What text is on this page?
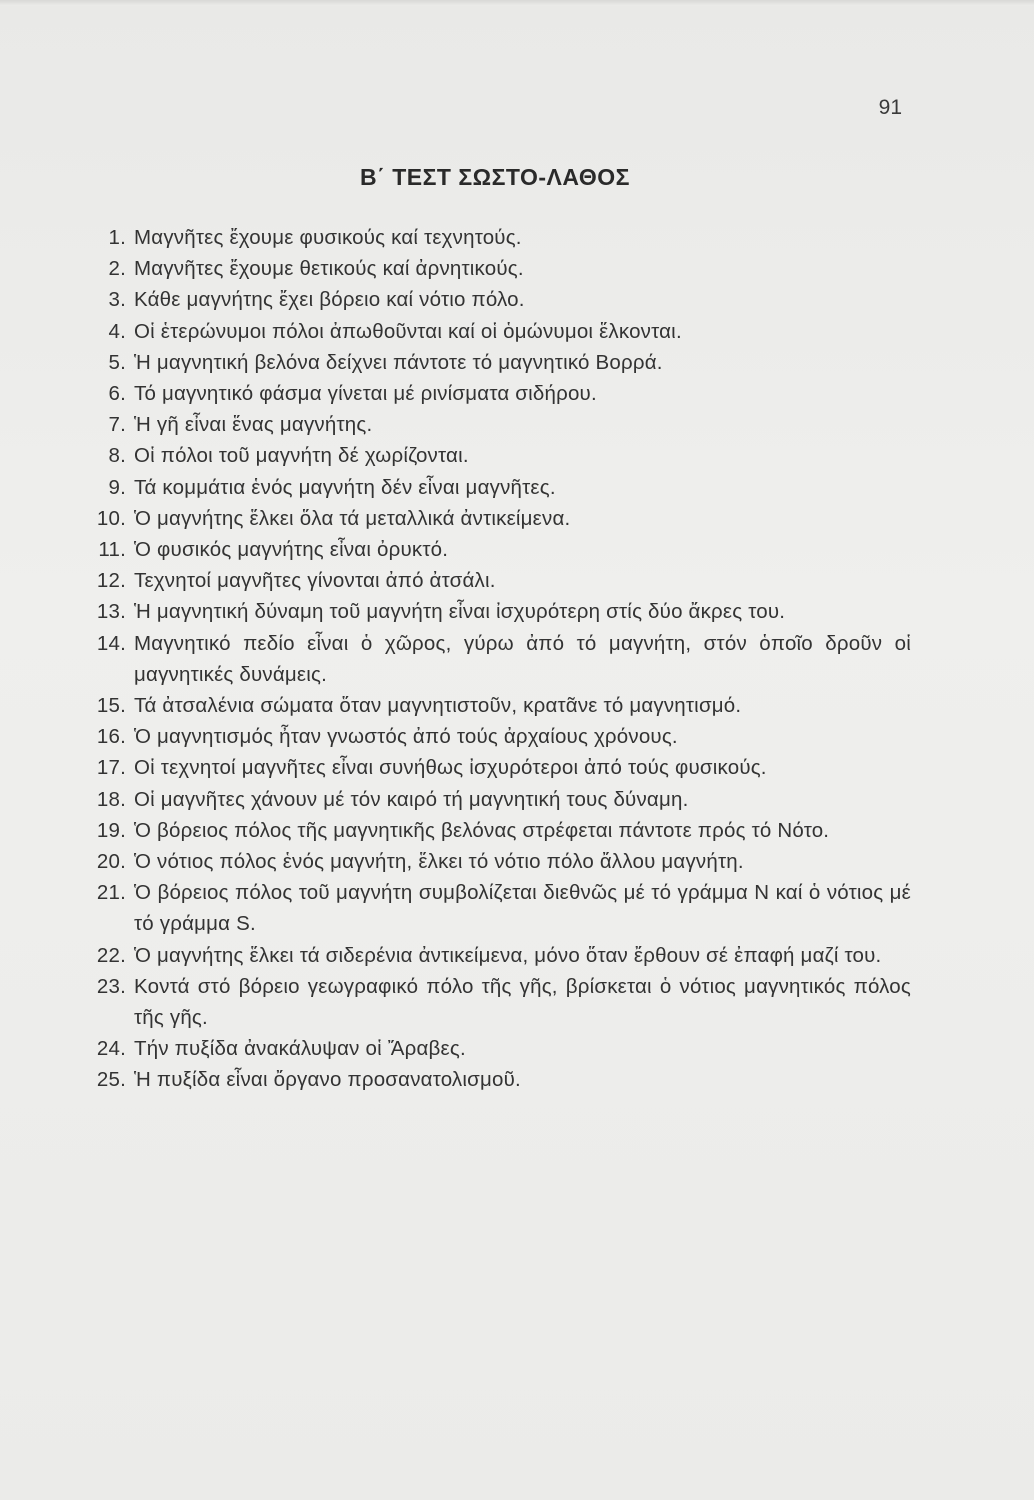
91
Β΄ ΤΕΣΤ ΣΩΣΤΟ-ΛΑΘΟΣ
1. Μαγνῆτες ἔχουμε φυσικούς καί τεχνητούς.
2. Μαγνῆτες ἔχουμε θετικούς καί ἀρνητικούς.
3. Κάθε μαγνήτης ἔχει βόρειο καί νότιο πόλο.
4. Οἱ ἑτερώνυμοι πόλοι ἀπωθοῦνται καί οἱ ὁμώνυμοι ἕλκονται.
5. Ἡ μαγνητική βελόνα δείχνει πάντοτε τό μαγνητικό Βορρά.
6. Τό μαγνητικό φάσμα γίνεται μέ ρινίσματα σιδήρου.
7. Ἡ γῆ εἶναι ἕνας μαγνήτης.
8. Οἱ πόλοι τοῦ μαγνήτη δέ χωρίζονται.
9. Τά κομμάτια ἑνός μαγνήτη δέν εἶναι μαγνῆτες.
10. Ὁ μαγνήτης ἕλκει ὅλα τά μεταλλικά ἀντικείμενα.
11. Ὁ φυσικός μαγνήτης εἶναι ὀρυκτό.
12. Τεχνητοί μαγνῆτες γίνονται ἀπό ἀτσάλι.
13. Ἡ μαγνητική δύναμη τοῦ μαγνήτη εἶναι ἰσχυρότερη στίς δύο ἄκρες του.
14. Μαγνητικό πεδίο εἶναι ὁ χῶρος, γύρω ἀπό τό μαγνήτη, στόν ὁποῖο δροῦν οἱ μαγνητικές δυνάμεις.
15. Τά ἀτσαλένια σώματα ὅταν μαγνητιστοῦν, κρατᾶνε τό μαγνητισμό.
16. Ὁ μαγνητισμός ἦταν γνωστός ἀπό τούς ἀρχαίους χρόνους.
17. Οἱ τεχνητοί μαγνῆτες εἶναι συνήθως ἰσχυρότεροι ἀπό τούς φυσικούς.
18. Οἱ μαγνῆτες χάνουν μέ τόν καιρό τή μαγνητική τους δύναμη.
19. Ὁ βόρειος πόλος τῆς μαγνητικῆς βελόνας στρέφεται πάντοτε πρός τό Νότο.
20. Ὁ νότιος πόλος ἑνός μαγνήτη, ἕλκει τό νότιο πόλο ἄλλου μαγνήτη.
21. Ὁ βόρειος πόλος τοῦ μαγνήτη συμβολίζεται διεθνῶς μέ τό γράμμα N καί ὁ νότιος μέ τό γράμμα S.
22. Ὁ μαγνήτης ἕλκει τά σιδερένια ἀντικείμενα, μόνο ὅταν ἔρθουν σέ ἐπαφή μαζί του.
23. Κοντά στό βόρειο γεωγραφικό πόλο τῆς γῆς, βρίσκεται ὁ νότιος μαγνητικός πόλος τῆς γῆς.
24. Τήν πυξίδα ἀνακάλυψαν οἱ Ἄραβες.
25. Ἡ πυξίδα εἶναι ὄργανο προσανατολισμοῦ.
